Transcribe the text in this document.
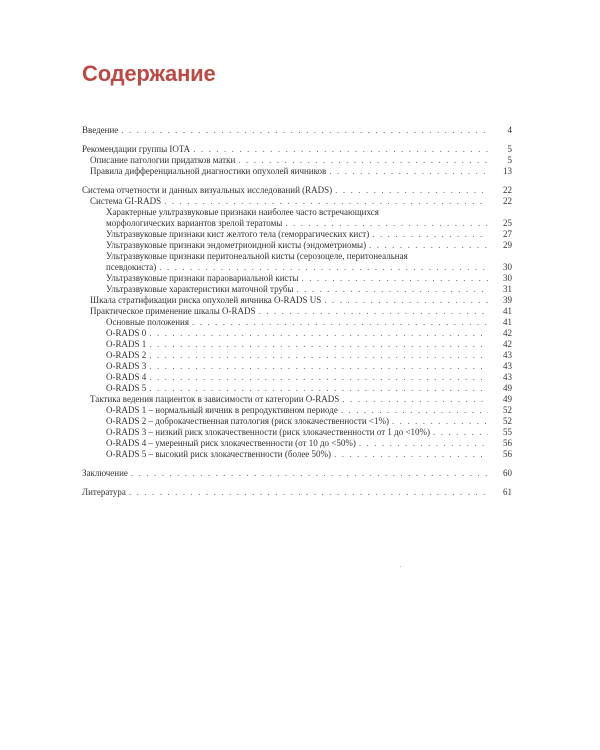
Содержание
Введение . . .	4
Рекомендации группы IOTA . . .	5
Описание патологии придатков матки . . .	5
Правила дифференциальной диагностики опухолей яичников . . .	13
Система отчетности и данных визуальных исследований (RADS) . . .	22
Система GI-RADS . . .	22
Характерные ультразвуковые признаки наиболее часто встречающихся
морфологических вариантов зрелой тератомы . . .	25
Ультразвуковые признаки кист желтого тела (геморрагических кист) . . .	27
Ультразвуковые признаки эндометриоидной кисты (эндометриомы) . . .	29
Ультразвуковые признаки перитонеальной кисты (серозоцеле, перитонеальная
псевдокиста) . . .	30
Ультразвуковые признаки параовариальной кисты . . .	30
Ультразвуковые характеристики маточной трубы . . .	31
Шкала стратификации риска опухолей яичника O-RADS US . . .	39
Практическое применение шкалы O-RADS . . .	41
Основные положения . . .	41
O-RADS 0 . . .	42
O-RADS 1 . . .	42
O-RADS 2 . . .	43
O-RADS 3 . . .	43
O-RADS 4 . . .	43
O-RADS 5 . . .	49
Тактика ведения пациенток в зависимости от категории O-RADS . . .	49
O-RADS 1 – нормальный яичник в репродуктивном периоде . . .	52
O-RADS 2 – доброкачественная патология (риск злокачественности <1%) . . .	52
O-RADS 3 – низкий риск злокачественности (риск злокачественности от 1 до <10%) . . .	55
O-RADS 4 – умеренный риск злокачественности (от 10 до <50%) . . .	56
O-RADS 5 – высокий риск злокачественности (более 50%) . . .	56
Заключение . . .	60
Литература . . .	61
